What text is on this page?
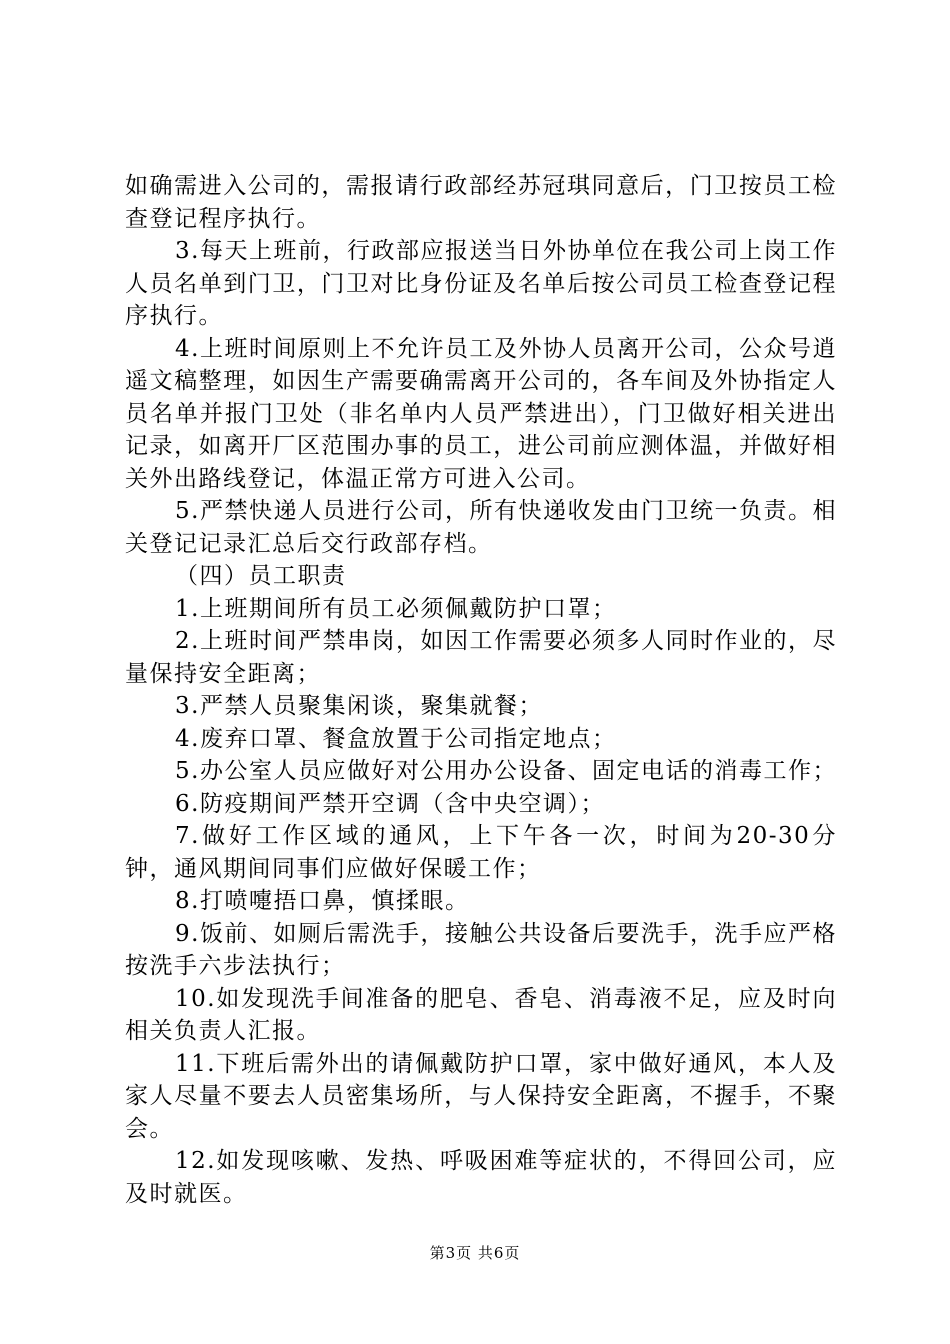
如确需进入公司的，需报请行政部经苏冠琪同意后，门卫按员工检查登记程序执行。

3.每天上班前，行政部应报送当日外协单位在我公司上岗工作人员名单到门卫，门卫对比身份证及名单后按公司员工检查登记程序执行。

4.上班时间原则上不允许员工及外协人员离开公司，公众号逍遥文稿整理，如因生产需要确需离开公司的，各车间及外协指定人员名单并报门卫处（非名单内人员严禁进出），门卫做好相关进出记录，如离开厂区范围办事的员工，进公司前应测体温，并做好相关外出路线登记，体温正常方可进入公司。

5.严禁快递人员进行公司，所有快递收发由门卫统一负责。相关登记记录汇总后交行政部存档。

（四）员工职责

1.上班期间所有员工必须佩戴防护口罩；

2.上班时间严禁串岗，如因工作需要必须多人同时作业的，尽量保持安全距离；

3.严禁人员聚集闲谈，聚集就餐；

4.废弃口罩、餐盒放置于公司指定地点；

5.办公室人员应做好对公用办公设备、固定电话的消毒工作；

6.防疫期间严禁开空调（含中央空调）；

7.做好工作区域的通风，上下午各一次，时间为20-30分钟，通风期间同事们应做好保暖工作；

8.打喷嚏捂口鼻，慎揉眼。

9.饭前、如厕后需洗手，接触公共设备后要洗手，洗手应严格按洗手六步法执行；

10.如发现洗手间准备的肥皂、香皂、消毒液不足，应及时向相关负责人汇报。

11.下班后需外出的请佩戴防护口罩，家中做好通风，本人及家人尽量不要去人员密集场所，与人保持安全距离，不握手，不聚会。

12.如发现咳嗽、发热、呼吸困难等症状的，不得回公司，应及时就医。

第3页 共6页
